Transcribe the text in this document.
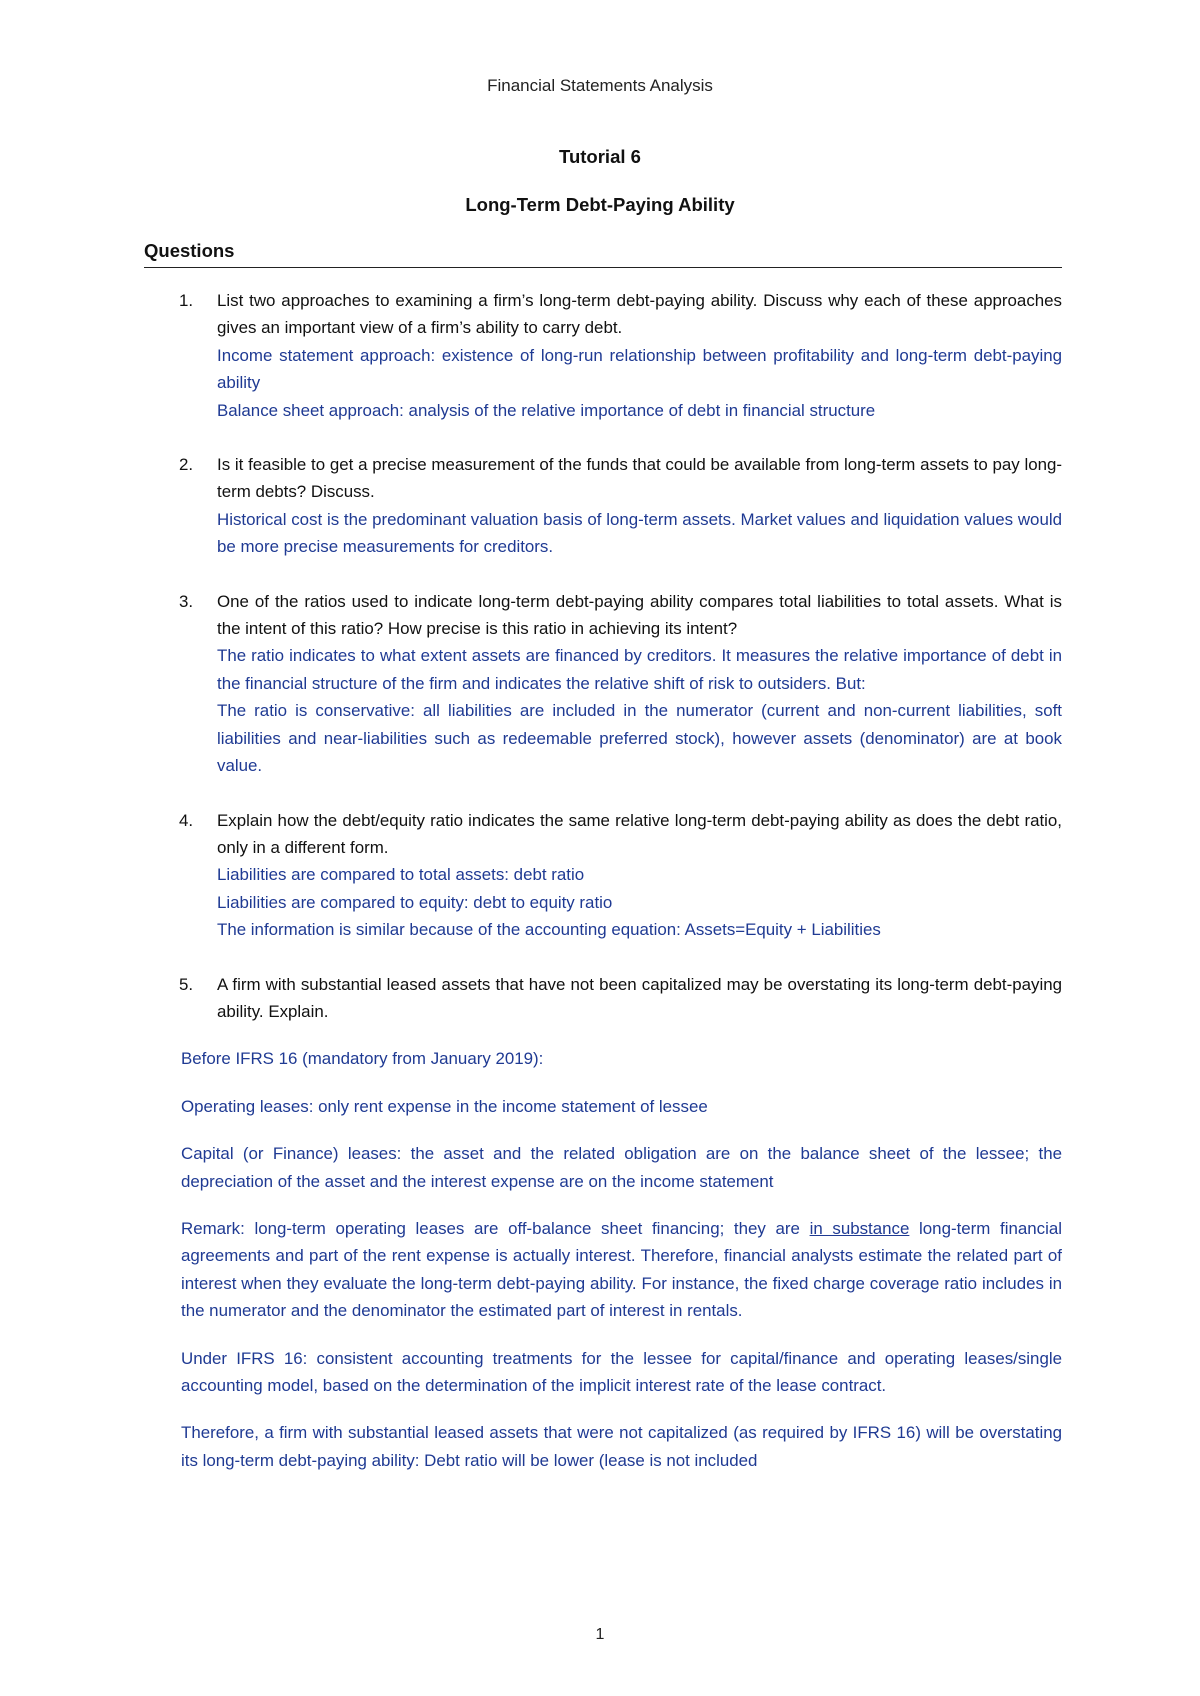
Financial Statements Analysis
Tutorial 6
Long-Term Debt-Paying Ability
Questions
1. List two approaches to examining a firm’s long-term debt-paying ability. Discuss why each of these approaches gives an important view of a firm’s ability to carry debt.
Income statement approach: existence of long-run relationship between profitability and long-term debt-paying ability
Balance sheet approach: analysis of the relative importance of debt in financial structure
2. Is it feasible to get a precise measurement of the funds that could be available from long-term assets to pay long-term debts? Discuss.
Historical cost is the predominant valuation basis of long-term assets. Market values and liquidation values would be more precise measurements for creditors.
3. One of the ratios used to indicate long-term debt-paying ability compares total liabilities to total assets. What is the intent of this ratio? How precise is this ratio in achieving its intent?
The ratio indicates to what extent assets are financed by creditors. It measures the relative importance of debt in the financial structure of the firm and indicates the relative shift of risk to outsiders. But:
The ratio is conservative: all liabilities are included in the numerator (current and non-current liabilities, soft liabilities and near-liabilities such as redeemable preferred stock), however assets (denominator) are at book value.
4. Explain how the debt/equity ratio indicates the same relative long-term debt-paying ability as does the debt ratio, only in a different form.
Liabilities are compared to total assets: debt ratio
Liabilities are compared to equity: debt to equity ratio
The information is similar because of the accounting equation: Assets=Equity + Liabilities
5. A firm with substantial leased assets that have not been capitalized may be overstating its long-term debt-paying ability. Explain.

Before IFRS 16 (mandatory from January 2019):

Operating leases: only rent expense in the income statement of lessee

Capital (or Finance) leases: the asset and the related obligation are on the balance sheet of the lessee; the depreciation of the asset and the interest expense are on the income statement

Remark: long-term operating leases are off-balance sheet financing; they are in substance long-term financial agreements and part of the rent expense is actually interest. Therefore, financial analysts estimate the related part of interest when they evaluate the long-term debt-paying ability. For instance, the fixed charge coverage ratio includes in the numerator and the denominator the estimated part of interest in rentals.

Under IFRS 16: consistent accounting treatments for the lessee for capital/finance and operating leases/single accounting model, based on the determination of the implicit interest rate of the lease contract.

Therefore, a firm with substantial leased assets that were not capitalized (as required by IFRS 16) will be overstating its long-term debt-paying ability: Debt ratio will be lower (lease is not included

1
